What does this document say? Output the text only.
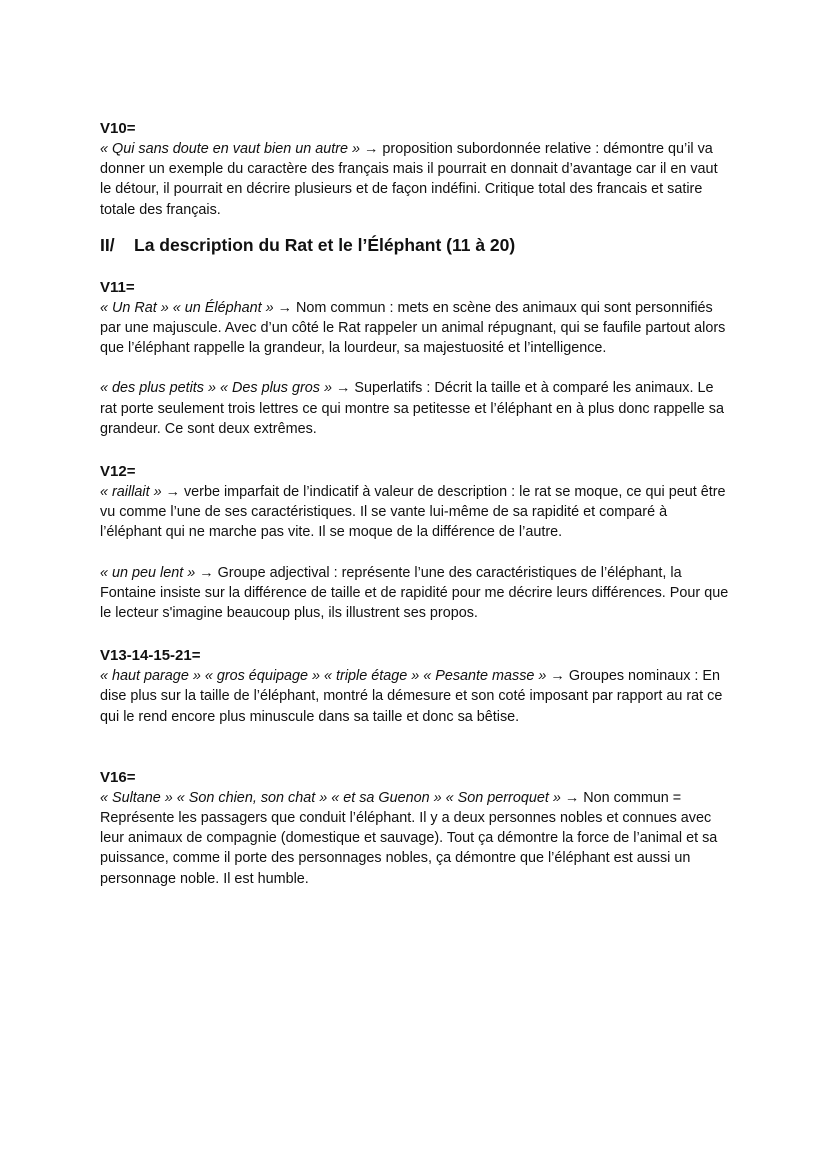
V10=

« Qui sans doute en vaut bien un autre » → proposition subordonnée relative : démontre qu’il va donner un exemple du caractère des français mais il pourrait en donnait d’avantage car il en vaut le détour, il pourrait en décrire plusieurs et de façon indéfini. Critique total des francais et satire totale des français.

II/	La description du Rat et le l’Éléphant (11 à 20)
V11=

« Un Rat » « un Éléphant » → Nom commun : mets en scène des animaux qui sont personnifiés par une majuscule. Avec d’un côté le Rat rappeler un animal répugnant, qui se faufile partout alors que l’éléphant rappelle la grandeur, la lourdeur, sa majestuosité et l’intelligence.

« des plus petits » « Des plus gros » → Superlatifs : Décrit la taille et à comparé les animaux. Le rat porte seulement trois lettres ce qui montre sa petitesse et l’éléphant en à plus donc rappelle sa grandeur. Ce sont deux extrêmes.

V12=

« raillait » → verbe imparfait de l’indicatif à valeur de description : le rat se moque, ce qui peut être vu comme l’une de ses caractéristiques. Il se vante lui-même de sa rapidité et comparé à l’éléphant qui ne marche pas vite. Il se moque de la différence de l’autre.

« un peu lent » → Groupe adjectival : représente l’une des caractéristiques de l’éléphant, la Fontaine insiste sur la différence de taille et de rapidité pour me décrire leurs différences. Pour que le lecteur s'imagine beaucoup plus, ils illustrent ses propos.

V13-14-15-21=

« haut parage » « gros équipage » « triple étage » « Pesante masse » → Groupes nominaux : En dise plus sur la taille de l’éléphant, montré la démesure et son coté imposant par rapport au rat ce qui le rend encore plus minuscule dans sa taille et donc sa bêtise.

V16=

« Sultane » « Son chien, son chat » « et sa Guenon » « Son perroquet » → Non commun = Représente les passagers que conduit l’éléphant. Il y a deux personnes nobles et connues avec leur animaux de compagnie (domestique et sauvage). Tout ça démontre la force de l’animal et sa puissance, comme il porte des personnages nobles, ça démontre que l’éléphant est aussi un personnage noble. Il est humble.
